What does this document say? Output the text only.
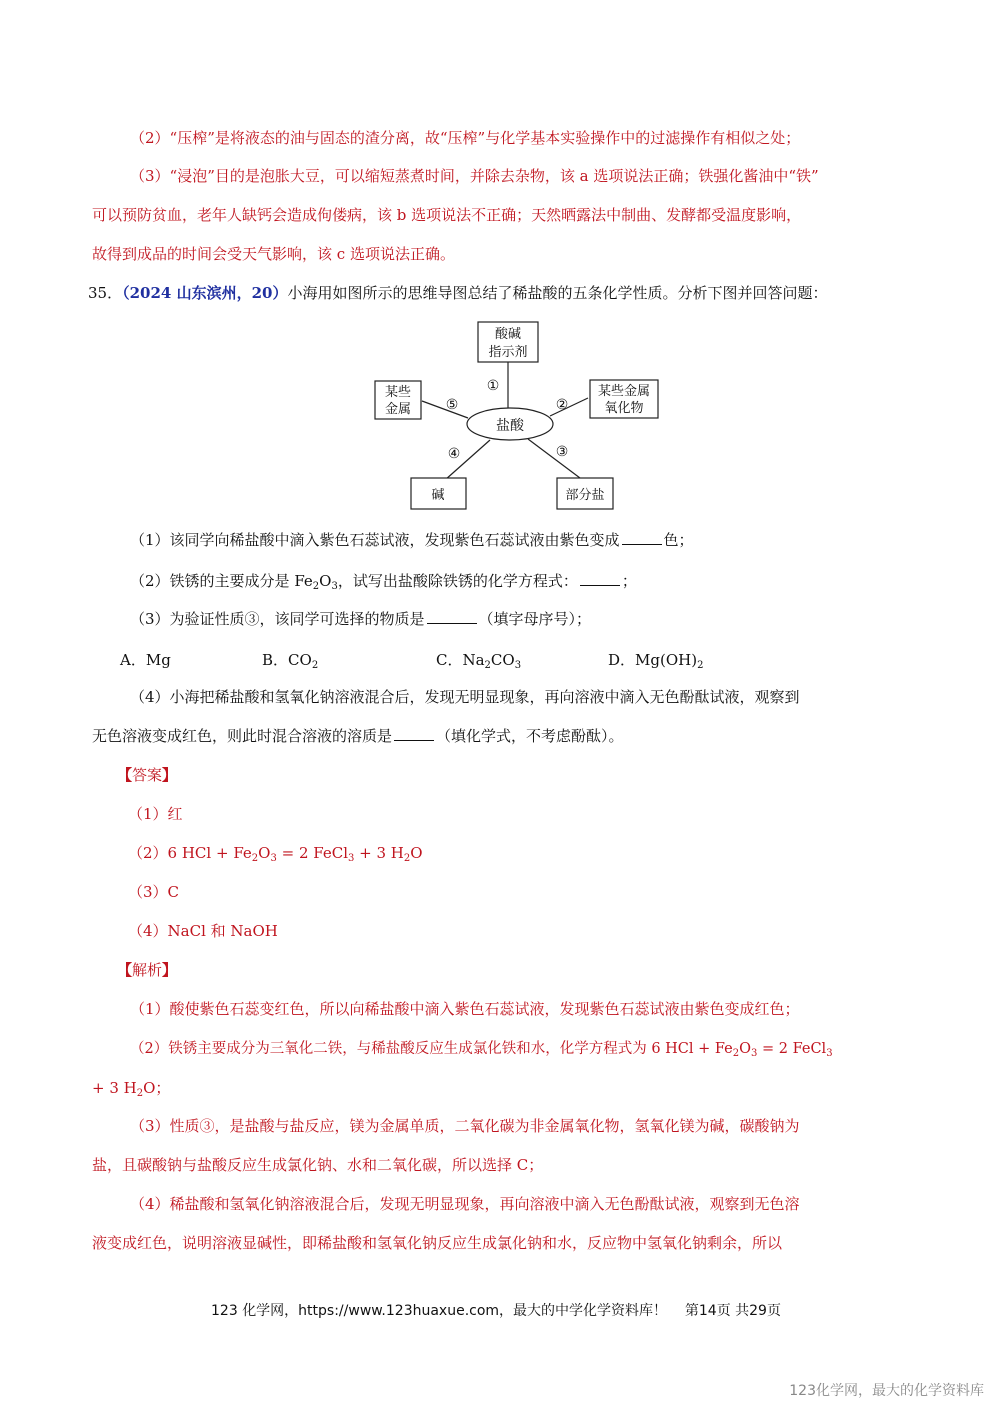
（2）“压榨”是将液态的油与固态的渣分离，故“压榨”与化学基本实验操作中的过滤操作有相似之处；
（3）“浸泡”目的是泡胀大豆，可以缩短蒸煮时间，并除去杂物，该 a 选项说法正确；铁强化酱油中“铁”
可以预防贫血，老年人缺钙会造成佝偻病，该 b 选项说法不正确；天然晒露法中制曲、发酵都受温度影响，
故得到成品的时间会受天气影响，该 c 选项说法正确。
35．（2024 山东滨州，20）小海用如图所示的思维导图总结了稀盐酸的五条化学性质。分析下图并回答问题：
盐酸
酸碱
指示剂
①	某些金属
氧化物
②
部分盐
③
碱
④
某些
金属 ⑤
（1）该同学向稀盐酸中滴入紫色石蕊试液，发现紫色石蕊试液由紫色变成	色；
（2）铁锈的主要成分是 $Fe_2O_3$，试写出盐酸除铁锈的化学方程式：	；
（3）为验证性质③，该同学可选择的物质是	（填字母序号）；
A．Mg	B．$CO_2$	C．$Na_2CO_3$	D．$Mg(OH)_2$
（4）小海把稀盐酸和氢氧化钠溶液混合后，发现无明显现象，再向溶液中滴入无色酚酞试液，观察到
无色溶液变成红色，则此时混合溶液的溶质是	（填化学式，不考虑酚酞）。
【答案】
（1）红
（2）6 HCl + $Fe_2O_3 = 2$ FeCl$_3$ + 3 $H_2O$
（3）C
（4）NaCl 和 NaOH
【解析】
（1）酸使紫色石蕊变红色，所以向稀盐酸中滴入紫色石蕊试液，发现紫色石蕊试液由紫色变成红色；
（2）铁锈主要成分为三氧化二铁，与稀盐酸反应生成氯化铁和水，化学方程式为 6 HCl + $Fe_2O_3 = 2$ FeCl$_3$
+ 3 $H_2O$；
（3）性质③，是盐酸与盐反应，镁为金属单质，二氧化碳为非金属氧化物，氢氧化镁为碱，碳酸钠为
盐，且碳酸钠与盐酸反应生成氯化钠、水和二氧化碳，所以选择 C；
（4）稀盐酸和氢氧化钠溶液混合后，发现无明显现象，再向溶液中滴入无色酚酞试液，观察到无色溶
液变成红色，说明溶液显碱性，即稀盐酸和氢氧化钠反应生成氯化钠和水，反应物中氢氧化钠剩余，所以
123 化学网，https://www.123huaxue.com，最大的中学化学资料库！ 第14页 共29页
123化学网，最大的化学资料库
